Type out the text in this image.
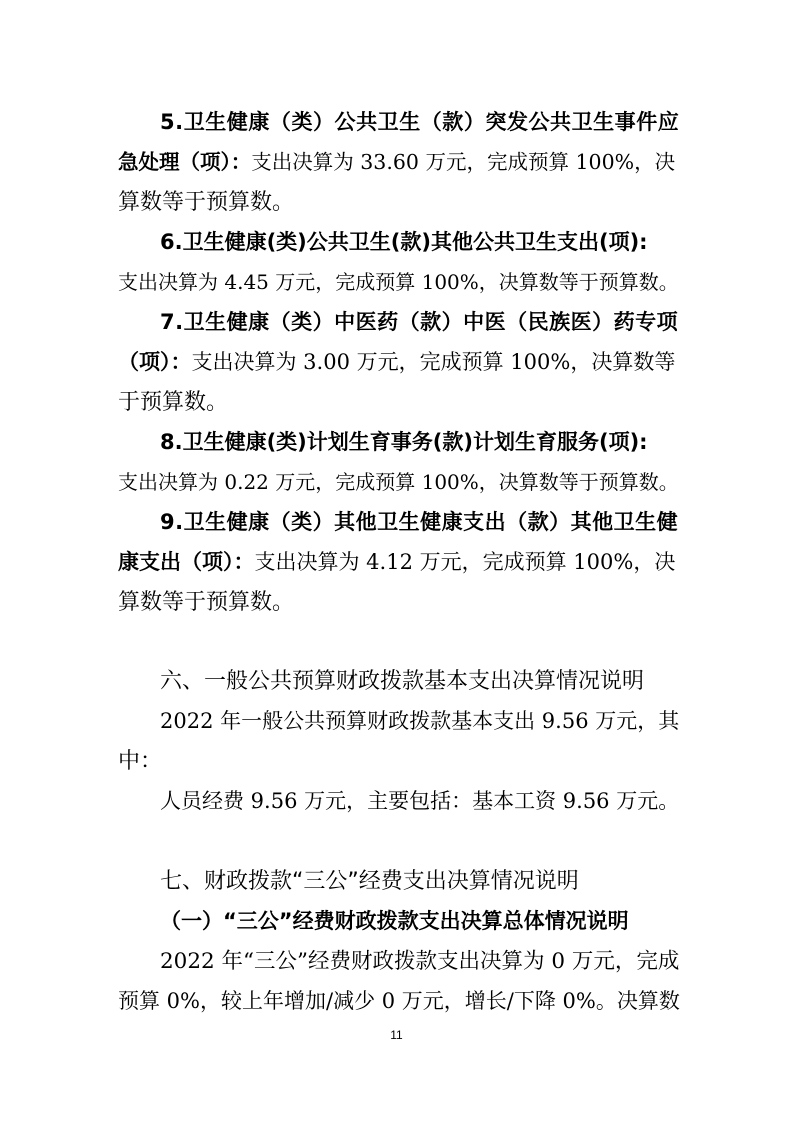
5.卫生健康（类）公共卫生（款）突发公共卫生事件应
急处理（项）：支出决算为 33.60 万元，完成预算 100%，决
算数等于预算数。
6.卫生健康(类)公共卫生(款)其他公共卫生支出(项):
支出决算为 4.45 万元，完成预算 100%，决算数等于预算数。
7.卫生健康（类）中医药（款）中医（民族医）药专项
（项）：支出决算为 3.00 万元，完成预算 100%，决算数等
于预算数。
8.卫生健康(类)计划生育事务(款)计划生育服务(项):
支出决算为 0.22 万元，完成预算 100%，决算数等于预算数。
9.卫生健康（类）其他卫生健康支出（款）其他卫生健
康支出（项）：支出决算为 4.12 万元，完成预算 100%，决
算数等于预算数。
六、一般公共预算财政拨款基本支出决算情况说明
2022 年一般公共预算财政拨款基本支出 9.56 万元，其
中：
人员经费 9.56 万元，主要包括：基本工资 9.56 万元。
七、财政拨款“三公”经费支出决算情况说明
（一）“三公”经费财政拨款支出决算总体情况说明
2022 年“三公”经费财政拨款支出决算为 0 万元，完成
预算 0%，较上年增加/减少 0 万元，增长/下降 0%。决算数
11
